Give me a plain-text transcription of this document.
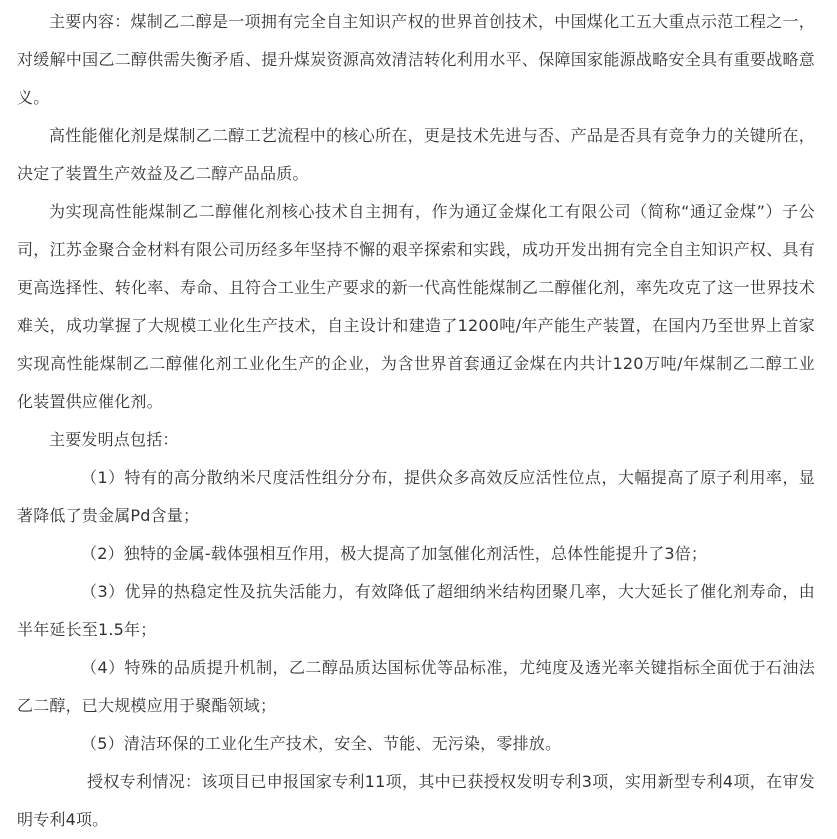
主要内容：煤制乙二醇是一项拥有完全自主知识产权的世界首创技术，中国煤化工五大重点示范工程之一，对缓解中国乙二醇供需失衡矛盾、提升煤炭资源高效清洁转化利用水平、保障国家能源战略安全具有重要战略意义。

高性能催化剂是煤制乙二醇工艺流程中的核心所在，更是技术先进与否、产品是否具有竞争力的关键所在，决定了装置生产效益及乙二醇产品品质。

为实现高性能煤制乙二醇催化剂核心技术自主拥有，作为通辽金煤化工有限公司（简称“通辽金煤”）子公司，江苏金聚合金材料有限公司历经多年坚持不懈的艰辛探索和实践，成功开发出拥有完全自主知识产权、具有更高选择性、转化率、寿命、且符合工业生产要求的新一代高性能煤制乙二醇催化剂，率先攻克了这一世界技术难关，成功掌握了大规模工业化生产技术，自主设计和建造了1200吨/年产能生产装置，在国内乃至世界上首家实现高性能煤制乙二醇催化剂工业化生产的企业，为含世界首套通辽金煤在内共计120万吨/年煤制乙二醇工业化装置供应催化剂。

主要发明点包括：

（1）特有的高分散纳米尺度活性组分分布，提供众多高效反应活性位点，大幅提高了原子利用率，显著降低了贵金属Pd含量；

（2）独特的金属-载体强相互作用，极大提高了加氢催化剂活性，总体性能提升了3倍；

（3）优异的热稳定性及抗失活能力，有效降低了超细纳米结构团聚几率，大大延长了催化剂寿命，由半年延长至1.5年；

（4）特殊的品质提升机制，乙二醇品质达国标优等品标准，尤纯度及透光率关键指标全面优于石油法乙二醇，已大规模应用于聚酯领域；

（5）清洁环保的工业化生产技术，安全、节能、无污染，零排放。

授权专利情况：该项目已申报国家专利11项，其中已获授权发明专利3项，实用新型专利4项，在审发明专利4项。
